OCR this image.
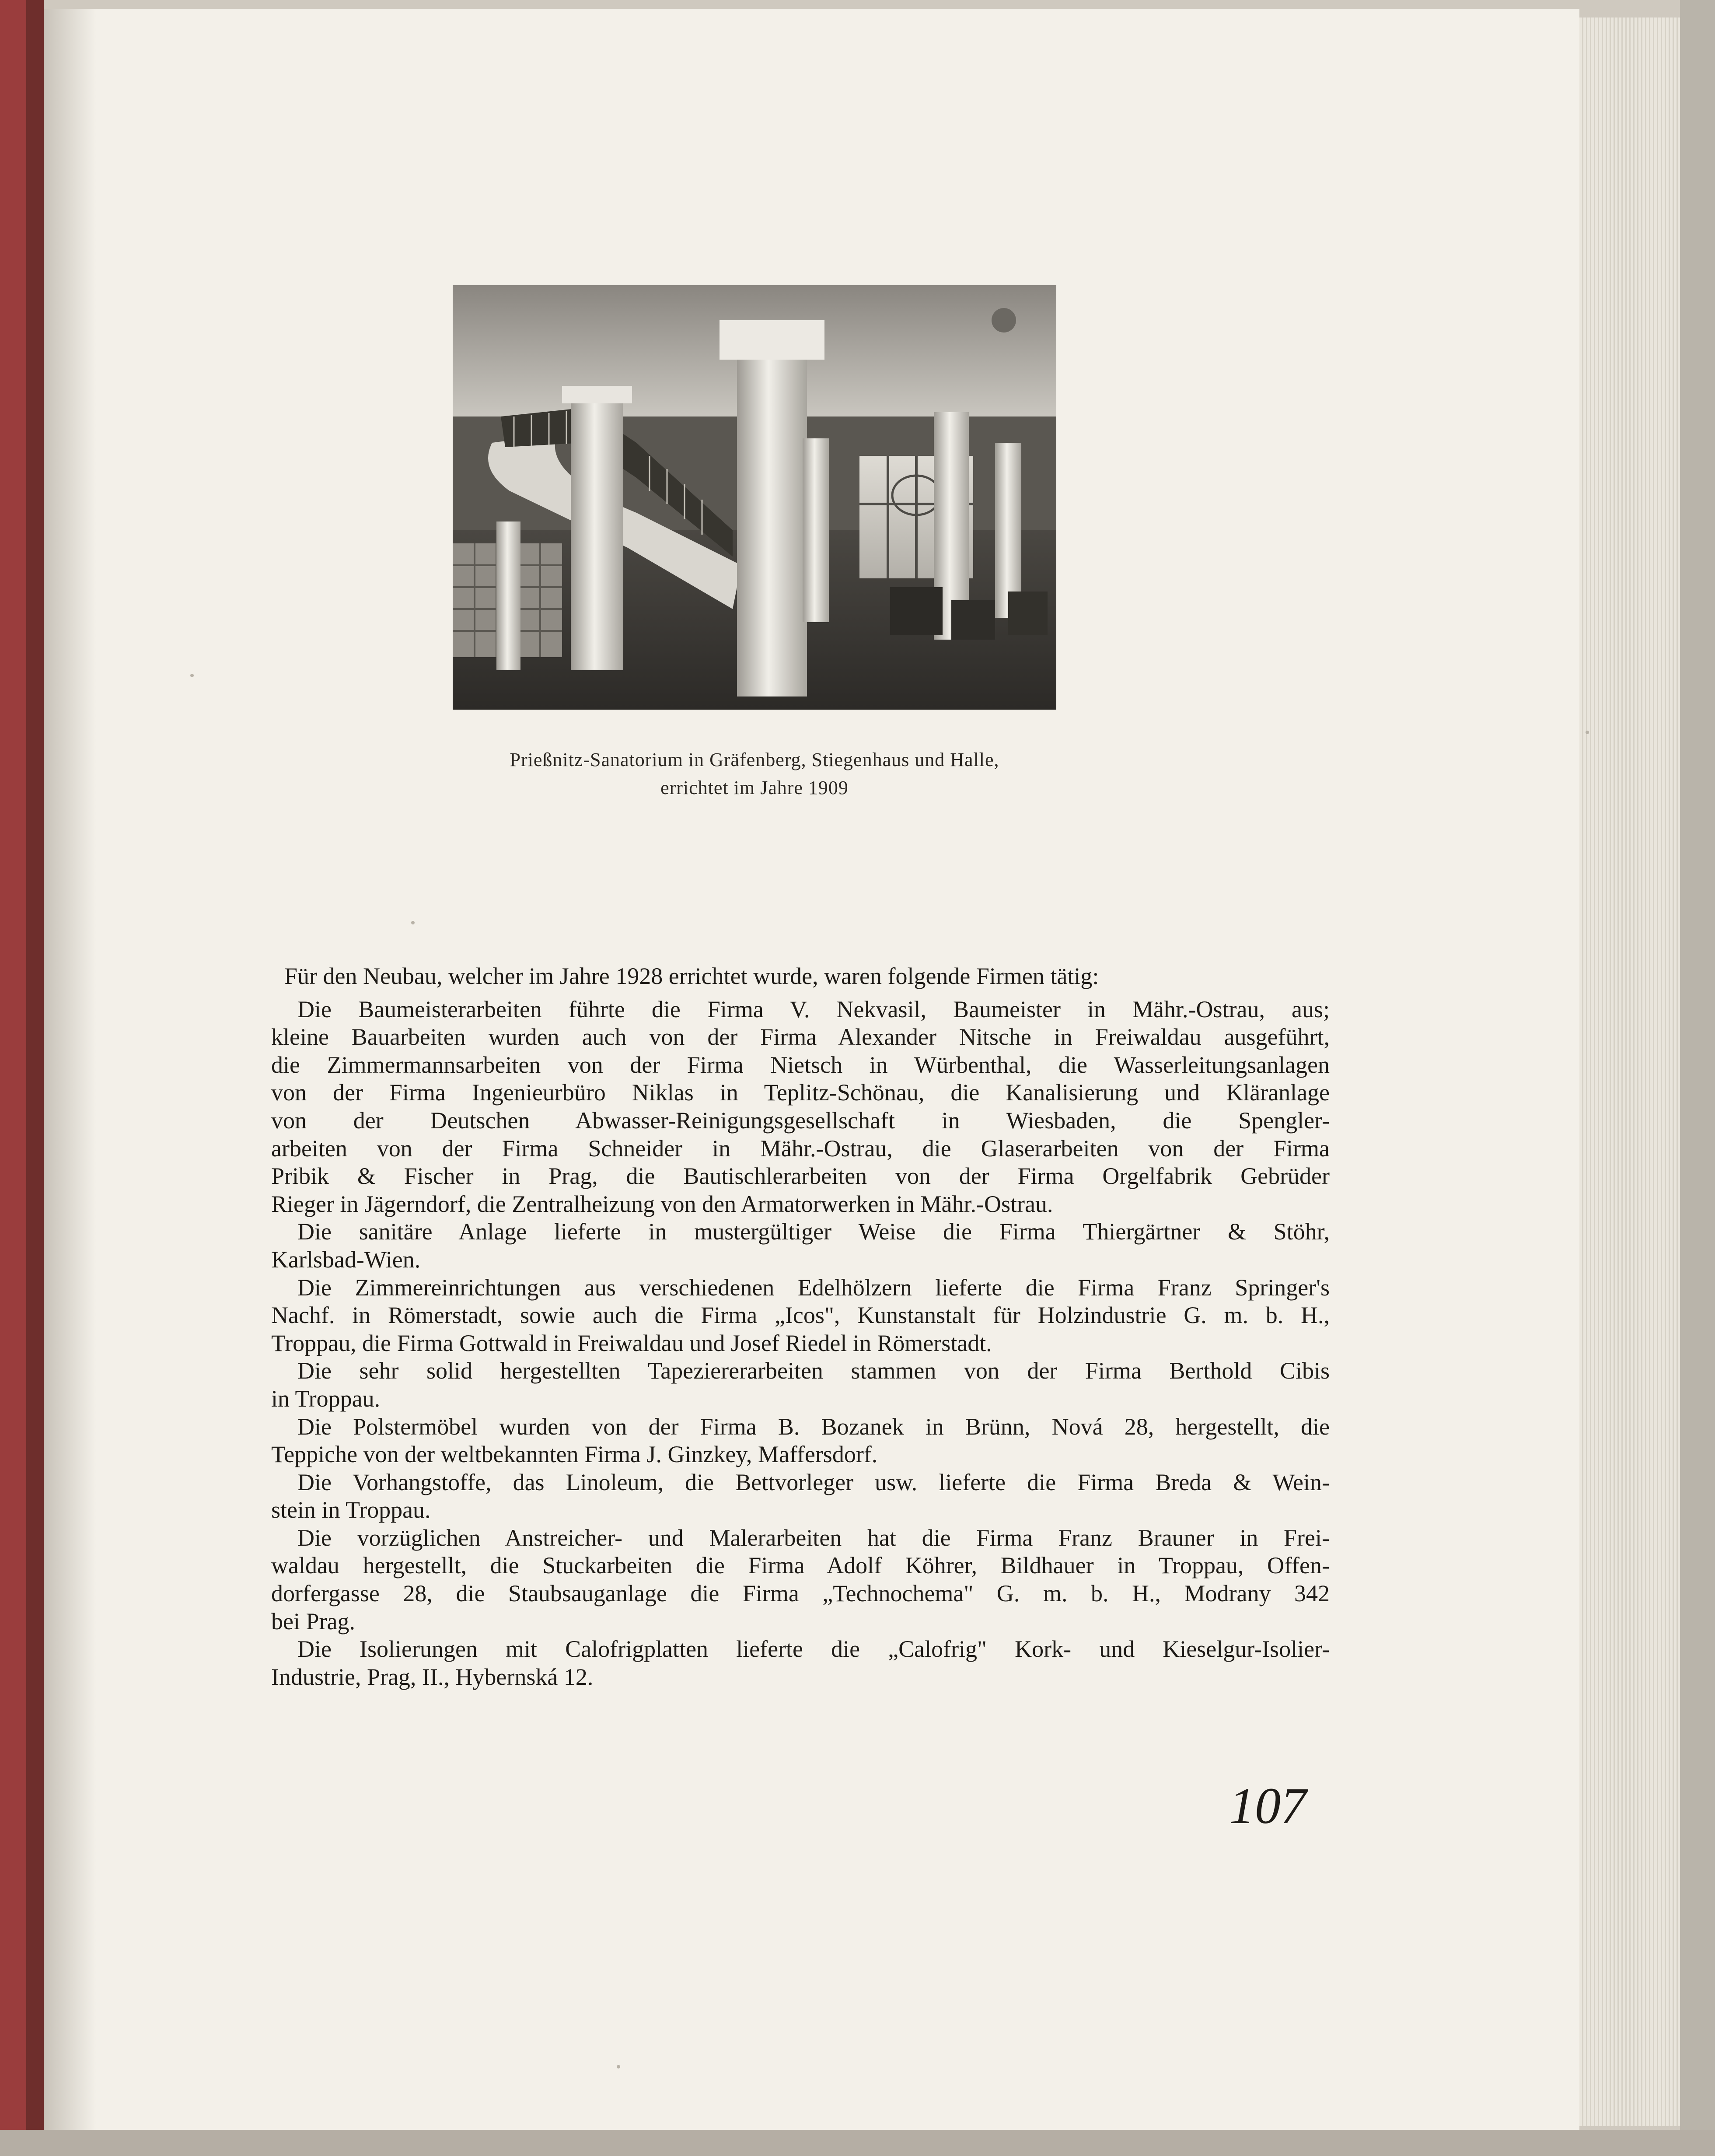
Prießnitz-Sanatorium in Gräfenberg, Stiegenhaus und Halle,
errichtet im Jahre 1909
Für den Neubau, welcher im Jahre 1928 errichtet wurde, waren folgende Firmen tätig:
Die Baumeisterarbeiten führte die Firma V. Nekvasil, Baumeister in Mähr.-Ostrau, aus;
kleine Bauarbeiten wurden auch von der Firma Alexander Nitsche in Freiwaldau ausgeführt,
die Zimmermannsarbeiten von der Firma Nietsch in Würbenthal, die Wasserleitungsanlagen
von der Firma Ingenieurbüro Niklas in Teplitz-Schönau, die Kanalisierung und Kläranlage
von der Deutschen Abwasser-Reinigungsgesellschaft in Wiesbaden, die Spengler-
arbeiten von der Firma Schneider in Mähr.-Ostrau, die Glaserarbeiten von der Firma
Pribik & Fischer in Prag, die Bautischlerarbeiten von der Firma Orgelfabrik Gebrüder
Rieger in Jägerndorf, die Zentralheizung von den Armatorwerken in Mähr.-Ostrau.
Die sanitäre Anlage lieferte in mustergültiger Weise die Firma Thiergärtner & Stöhr,
Karlsbad-Wien.
Die Zimmereinrichtungen aus verschiedenen Edelhölzern lieferte die Firma Franz Springer's
Nachf. in Römerstadt, sowie auch die Firma „Icos", Kunstanstalt für Holzindustrie G. m. b. H.,
Troppau, die Firma Gottwald in Freiwaldau und Josef Riedel in Römerstadt.
Die sehr solid hergestellten Tapeziererarbeiten stammen von der Firma Berthold Cibis
in Troppau.
Die Polstermöbel wurden von der Firma B. Bozanek in Brünn, Nová 28, hergestellt, die
Teppiche von der weltbekannten Firma J. Ginzkey, Maffersdorf.
Die Vorhangstoffe, das Linoleum, die Bettvorleger usw. lieferte die Firma Breda & Wein-
stein in Troppau.
Die vorzüglichen Anstreicher- und Malerarbeiten hat die Firma Franz Brauner in Frei-
waldau hergestellt, die Stuckarbeiten die Firma Adolf Köhrer, Bildhauer in Troppau, Offen-
dorfergasse 28, die Staubsauganlage die Firma „Technochema" G. m. b. H., Modrany 342
bei Prag.
Die Isolierungen mit Calofrigplatten lieferte die „Calofrig" Kork- und Kieselgur-Isolier-
Industrie, Prag, II., Hybernská 12.
107
